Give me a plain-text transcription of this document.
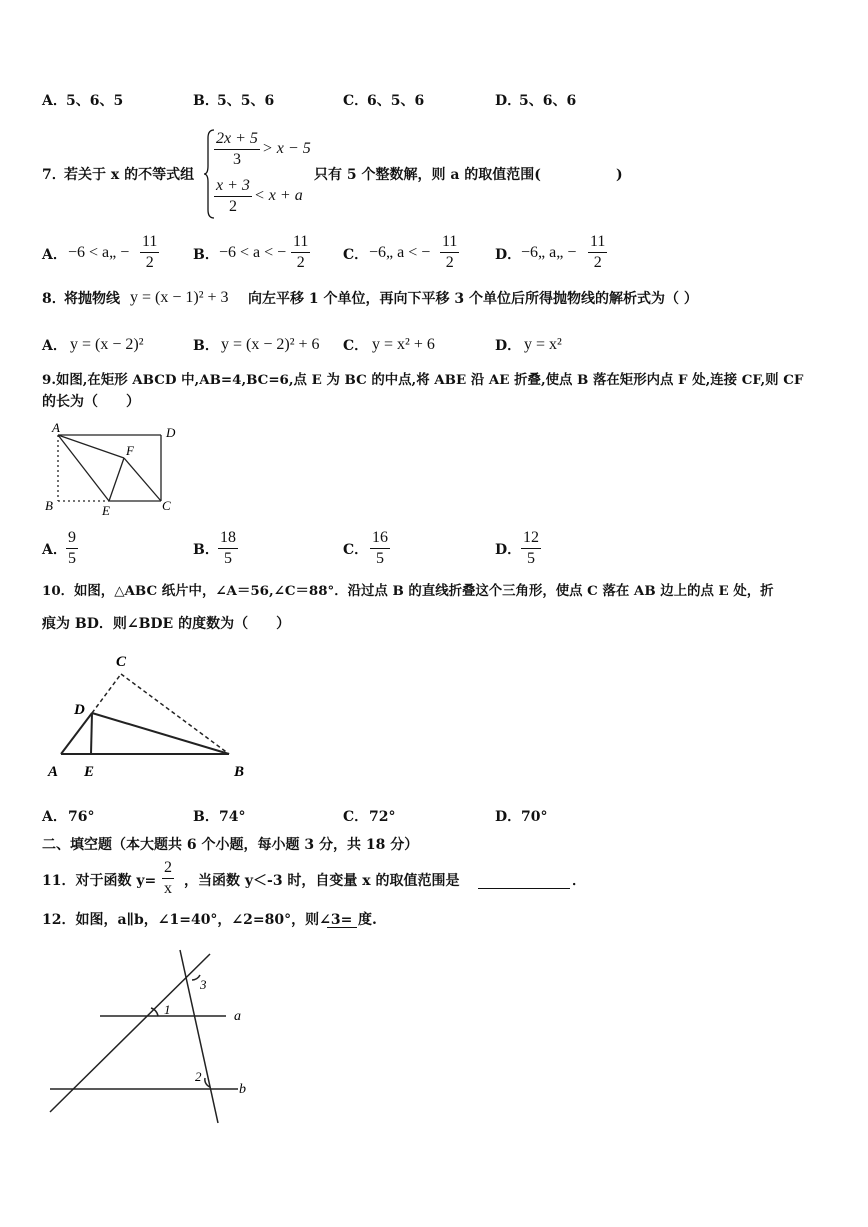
A． 5、6、5	B．
5、5、6	C．
6、5、6	D．
5、6、6
7．
若关于 x 的不等式组
$\frac{2x + 5}{3} > x - 5$
$\frac{x + 3}{2} < x + a$
只有 5 个整数解，则 a 的取值范围(	)
A． −6 < a„ − $\frac{11}{2}$ B． −6 < a < − $\frac{11}{2}$ C． −6„ a < − $\frac{11}{2}$	D． −6„ a„ − $\frac{11}{2}$
8．
将抛物线 y = (x − 1)² + 3 向左平移 1 个单位，再向下平移 3 个单位后所得抛物线的解析式为（ ）
A． y = (x − 2)²	B． y = (x − 2)² + 6 C． y = x² + 6	D． y = x²
9.如图,在矩形 ABCD 中,AB=4,BC=6,点 E 为 BC 的中点,将 ABE 沿 AE 折叠,使点 B 落在矩形内点 F 处,连接 CF,则 CF
的长为（　　）
A	D
F
B	E	C
A． $\frac{9}{5}$	B． $\frac{18}{5}$	C． $\frac{16}{5}$	D． $\frac{12}{5}$
10．如图，△ABC 纸片中，∠A＝56,∠C＝88°．沿过点 B 的直线折叠这个三角形，使点 C 落在 AB 边上的点 E 处，折
痕为 BD．则∠BDE 的度数为（　　）
C
D
A E	B
A． 76°	B． 74°	C． 72°	D． 70°
二、填空题（本大题共 6 个小题，每小题 3 分，共 18 分）
11．对于函数 $y= \frac{2}{x}$ ，当函数 y＜-3 时，自变量 x 的取值范围是	．
12．如图，a∥b，∠1=40°，∠2=80°，则∠3= 度.
1
2
3
a
b
